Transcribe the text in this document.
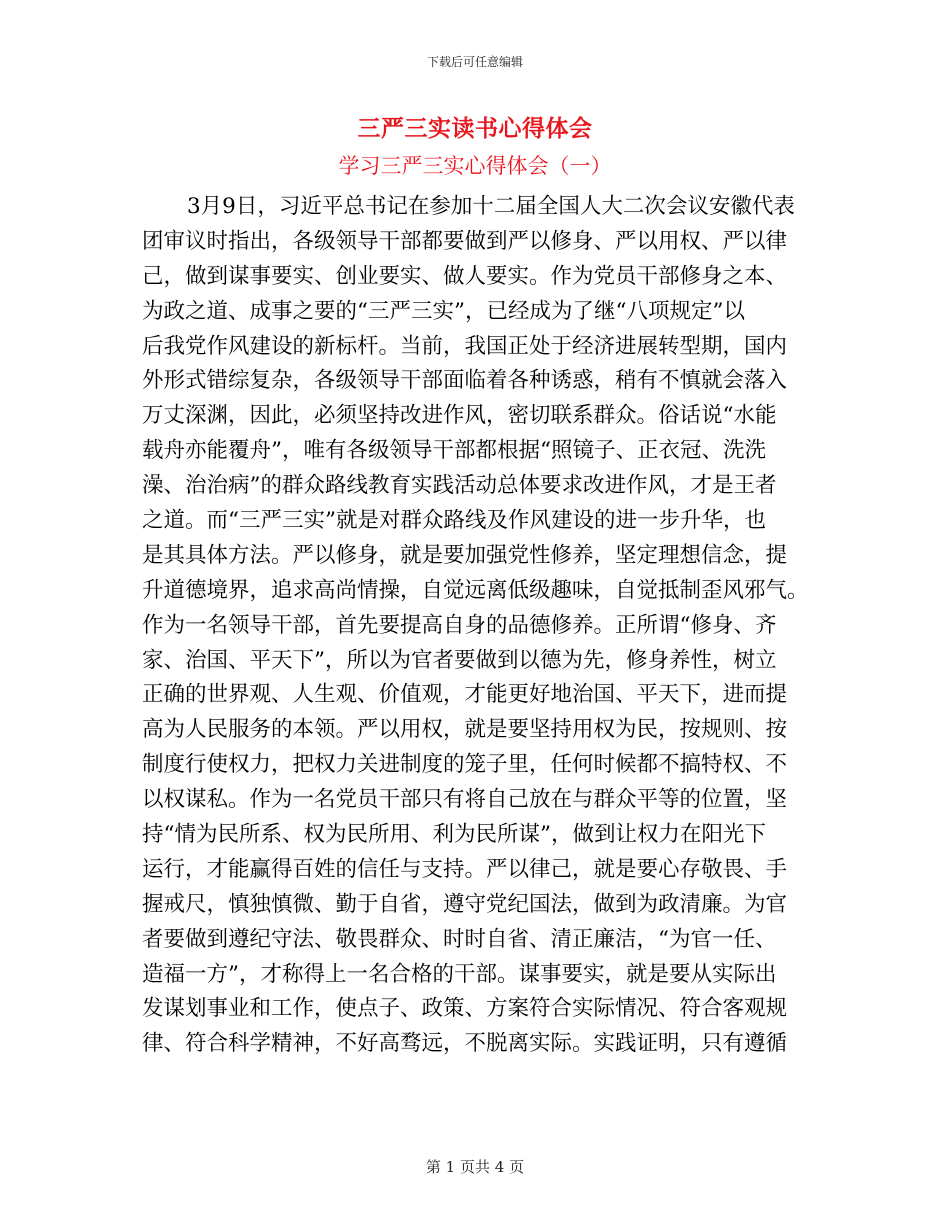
下载后可任意编辑
三严三实读书心得体会
学习三严三实心得体会（一）
3月9日，习近平总书记在参加十二届全国人大二次会议安徽代表
团审议时指出，各级领导干部都要做到严以修身、严以用权、严以律
己，做到谋事要实、创业要实、做人要实。作为党员干部修身之本、
为政之道、成事之要的“三严三实”，已经成为了继“八项规定”以
后我党作风建设的新标杆。当前，我国正处于经济进展转型期，国内
外形式错综复杂，各级领导干部面临着各种诱惑，稍有不慎就会落入
万丈深渊，因此，必须坚持改进作风，密切联系群众。俗话说“水能
载舟亦能覆舟”，唯有各级领导干部都根据“照镜子、正衣冠、洗洗
澡、治治病”的群众路线教育实践活动总体要求改进作风，才是王者
之道。而“三严三实”就是对群众路线及作风建设的进一步升华，也
是其具体方法。严以修身，就是要加强党性修养，坚定理想信念，提
升道德境界，追求高尚情操，自觉远离低级趣味，自觉抵制歪风邪气。
作为一名领导干部，首先要提高自身的品德修养。正所谓“修身、齐
家、治国、平天下”，所以为官者要做到以德为先，修身养性，树立
正确的世界观、人生观、价值观，才能更好地治国、平天下，进而提
高为人民服务的本领。严以用权，就是要坚持用权为民，按规则、按
制度行使权力，把权力关进制度的笼子里，任何时候都不搞特权、不
以权谋私。作为一名党员干部只有将自己放在与群众平等的位置，坚
持“情为民所系、权为民所用、利为民所谋”，做到让权力在阳光下
运行，才能赢得百姓的信任与支持。严以律己，就是要心存敬畏、手
握戒尺，慎独慎微、勤于自省，遵守党纪国法，做到为政清廉。为官
者要做到遵纪守法、敬畏群众、时时自省、清正廉洁，“为官一任、
造福一方”，才称得上一名合格的干部。谋事要实，就是要从实际出
发谋划事业和工作，使点子、政策、方案符合实际情况、符合客观规
律、符合科学精神，不好高骛远，不脱离实际。实践证明，只有遵循
第 1 页共 4 页
